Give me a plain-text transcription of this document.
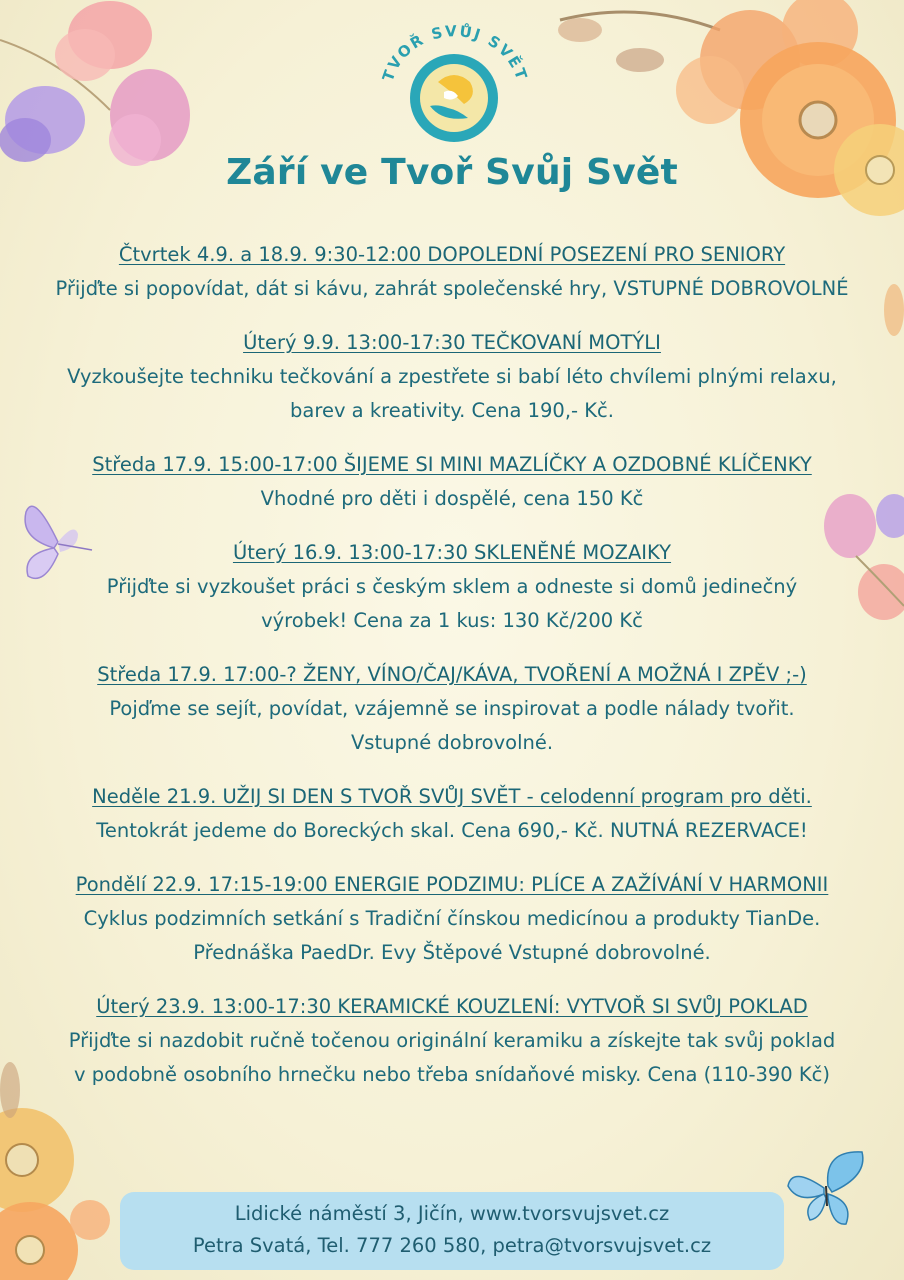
TVOŘ SVŮJ SVĚT
Září ve Tvoř Svůj Svět
Čtvrtek 4.9. a 18.9. 9:30-12:00 DOPOLEDNÍ POSEZENÍ PRO SENIORY
Přijďte si popovídat, dát si kávu, zahrát společenské hry, VSTUPNÉ DOBROVOLNÉ
Úterý 9.9. 13:00-17:30 TEČKOVANÍ MOTÝLI
Vyzkoušejte techniku tečkování a zpestřete si babí léto chvílemi plnými relaxu,
barev a kreativity. Cena 190,- Kč.
Středa 17.9. 15:00-17:00 ŠIJEME SI MINI MAZLÍČKY A OZDOBNÉ KLÍČENKY
Vhodné pro děti i dospělé, cena 150 Kč
Úterý 16.9. 13:00-17:30 SKLENĚNÉ MOZAIKY
Přijďte si vyzkoušet práci s českým sklem a odneste si domů jedinečný
výrobek! Cena za 1 kus: 130 Kč/200 Kč
Středa 17.9. 17:00-? ŽENY, VÍNO/ČAJ/KÁVA, TVOŘENÍ A MOŽNÁ I ZPĚV ;-)
Pojďme se sejít, povídat, vzájemně se inspirovat a podle nálady tvořit.
Vstupné dobrovolné.
Neděle 21.9. UŽIJ SI DEN S TVOŘ SVŮJ SVĚT - celodenní program pro děti.
Tentokrát jedeme do Boreckých skal. Cena 690,- Kč. NUTNÁ REZERVACE!
Pondělí 22.9. 17:15-19:00 ENERGIE PODZIMU: PLÍCE A ZAŽÍVÁNÍ V HARMONII
Cyklus podzimních setkání s Tradiční čínskou medicínou a produkty TianDe.
Přednáška PaedDr. Evy Štěpové Vstupné dobrovolné.
Úterý 23.9. 13:00-17:30 KERAMICKÉ KOUZLENÍ: VYTVOŘ SI SVŮJ POKLAD
Přijďte si nazdobit ručně točenou originální keramiku a získejte tak svůj poklad
v podobně osobního hrnečku nebo třeba snídaňové misky. Cena (110-390 Kč)
Lidické náměstí 3, Jičín, www.tvorsvujsvet.cz
Petra Svatá, Tel. 777 260 580, petra@tvorsvujsvet.cz
